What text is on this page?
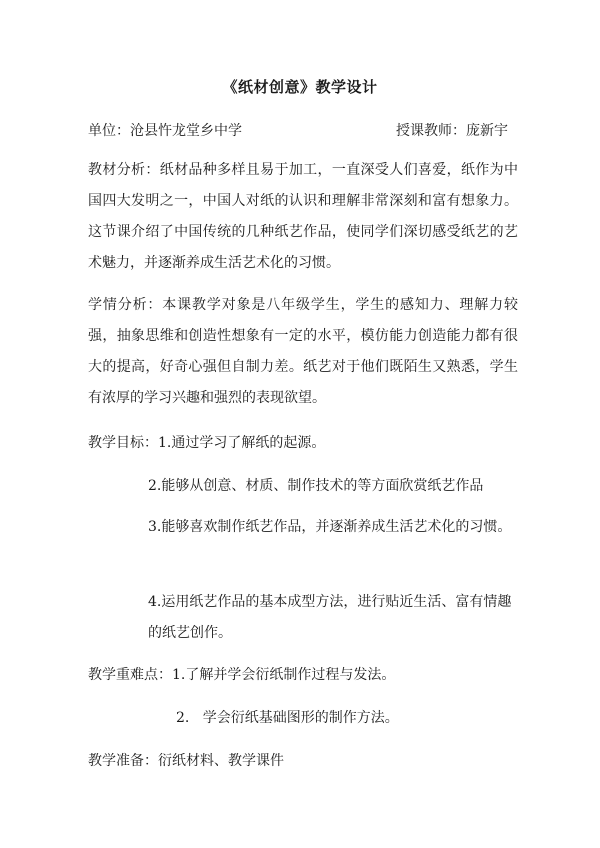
《纸材创意》教学设计
单位：沧县忤龙堂乡中学	授课教师：庞新宇
教材分析：纸材品种多样且易于加工，一直深受人们喜爱，纸作为中国四大发明之一，中国人对纸的认识和理解非常深刻和富有想象力。这节课介绍了中国传统的几种纸艺作品，使同学们深切感受纸艺的艺术魅力，并逐渐养成生活艺术化的习惯。
学情分析：本课教学对象是八年级学生，学生的感知力、理解力较强，抽象思维和创造性想象有一定的水平，模仿能力创造能力都有很大的提高，好奇心强但自制力差。纸艺对于他们既陌生又熟悉，学生有浓厚的学习兴趣和强烈的表现欲望。
教学目标：1.通过学习了解纸的起源。
2.能够从创意、材质、制作技术的等方面欣赏纸艺作品
3.能够喜欢制作纸艺作品，并逐渐养成生活艺术化的习惯。
4.运用纸艺作品的基本成型方法，进行贴近生活、富有情趣的纸艺创作。
教学重难点：1.了解并学会衍纸制作过程与发法。
2.   学会衍纸基础图形的制作方法。
教学准备：衍纸材料、教学课件
